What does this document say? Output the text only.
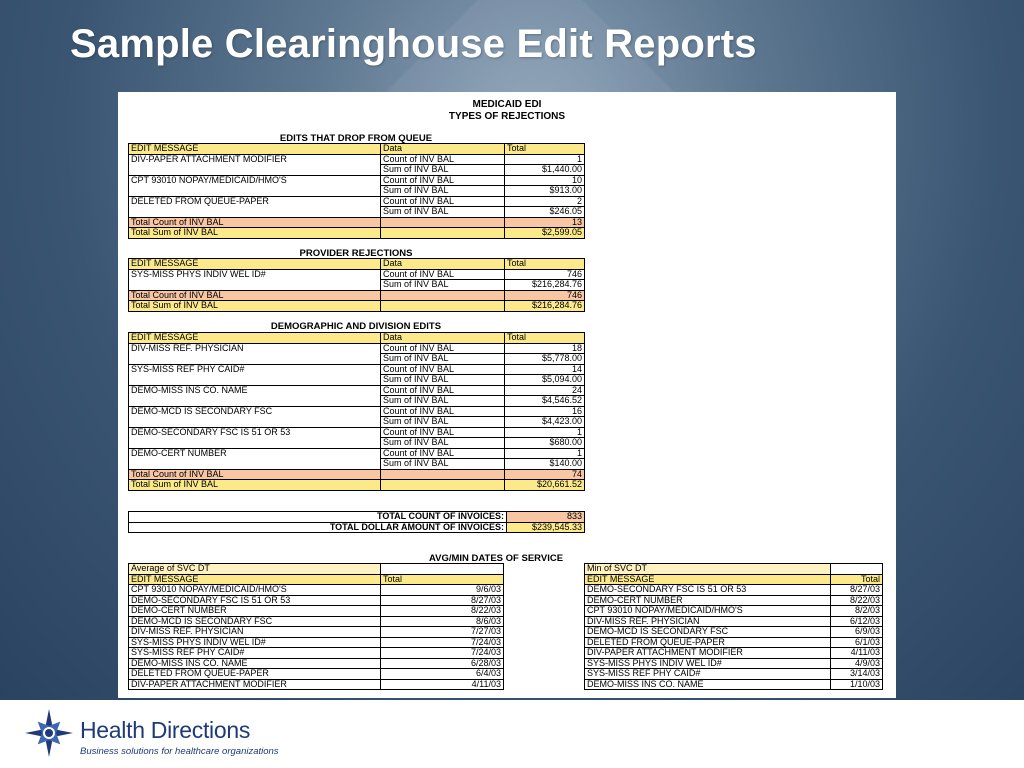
Sample Clearinghouse Edit Reports
MEDICAID EDI
TYPES OF REJECTIONS
EDITS THAT DROP FROM QUEUE
EDIT MESSAGE	Data	Total
DIV-PAPER ATTACHMENT MODIFIER	Count of INV BAL	1
	Sum of INV BAL	$1,440.00
CPT 93010 NOPAY/MEDICAID/HMO'S	Count of INV BAL	10
	Sum of INV BAL	$913.00
DELETED FROM QUEUE-PAPER	Count of INV BAL	2
	Sum of INV BAL	$246.05
Total Count of INV BAL		13
Total Sum of INV BAL		$2,599.05
PROVIDER REJECTIONS
EDIT MESSAGE	Data	Total
SYS-MISS PHYS INDIV WEL ID#	Count of INV BAL	746
	Sum of INV BAL	$216,284.76
Total Count of INV BAL		746
Total Sum of INV BAL		$216,284.76
DEMOGRAPHIC AND DIVISION EDITS
EDIT MESSAGE	Data	Total
DIV-MISS REF. PHYSICIAN	Count of INV BAL	18
	Sum of INV BAL	$5,778.00
SYS-MISS REF PHY CAID#	Count of INV BAL	14
	Sum of INV BAL	$5,094.00
DEMO-MISS INS CO. NAME	Count of INV BAL	24
	Sum of INV BAL	$4,546.52
DEMO-MCD IS SECONDARY FSC	Count of INV BAL	16
	Sum of INV BAL	$4,423.00
DEMO-SECONDARY FSC IS 51 OR 53	Count of INV BAL	1
	Sum of INV BAL	$680.00
DEMO-CERT NUMBER	Count of INV BAL	1
	Sum of INV BAL	$140.00
Total Count of INV BAL		74
Total Sum of INV BAL		$20,661.52
TOTAL COUNT OF INVOICES:	833
TOTAL DOLLAR AMOUNT OF INVOICES:	$239,545.33
AVG/MIN DATES OF SERVICE
Average of SVC DT	
EDIT MESSAGE	Total
CPT 93010 NOPAY/MEDICAID/HMO'S	9/6/03
DEMO-SECONDARY FSC IS 51 OR 53	8/27/03
DEMO-CERT NUMBER	8/22/03
DEMO-MCD IS SECONDARY FSC	8/6/03
DIV-MISS REF. PHYSICIAN	7/27/03
SYS-MISS PHYS INDIV WEL ID#	7/24/03
SYS-MISS REF PHY CAID#	7/24/03
DEMO-MISS INS CO. NAME	6/28/03
DELETED FROM QUEUE-PAPER	6/4/03
DIV-PAPER ATTACHMENT MODIFIER	4/11/03
Min of SVC DT	
EDIT MESSAGE	Total
DEMO-SECONDARY FSC IS 51 OR 53	8/27/03
DEMO-CERT NUMBER	8/22/03
CPT 93010 NOPAY/MEDICAID/HMO'S	8/2/03
DIV-MISS REF. PHYSICIAN	6/12/03
DEMO-MCD IS SECONDARY FSC	6/9/03
DELETED FROM QUEUE-PAPER	6/1/03
DIV-PAPER ATTACHMENT MODIFIER	4/11/03
SYS-MISS PHYS INDIV WEL ID#	4/9/03
SYS-MISS REF PHY CAID#	3/14/03
DEMO-MISS INS CO. NAME	1/10/03
Health Directions
Business solutions for healthcare organizations
